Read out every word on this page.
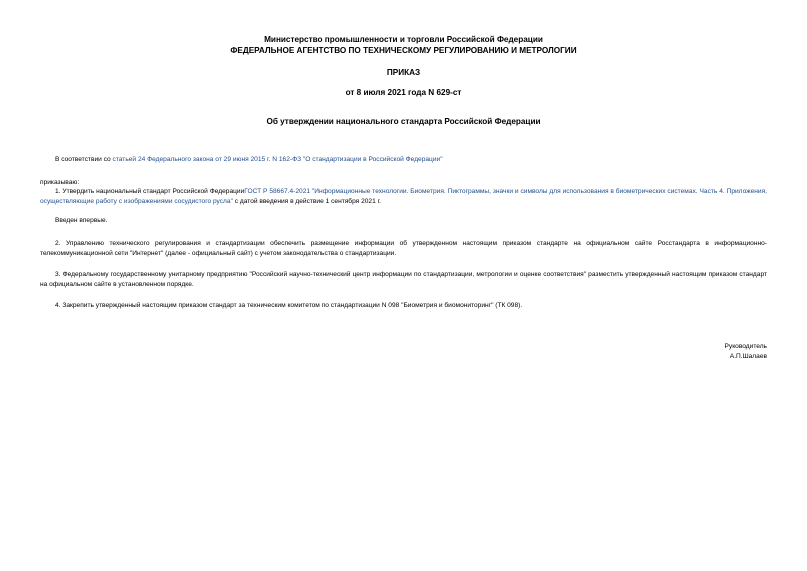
Министерство промышленности и торговли Российской Федерации
ФЕДЕРАЛЬНОЕ АГЕНТСТВО ПО ТЕХНИЧЕСКОМУ РЕГУЛИРОВАНИЮ И МЕТРОЛОГИИ
ПРИКАЗ
от 8 июля 2021 года N 629-ст
Об утверждении национального стандарта Российской Федерации
В соответствии со статьей 24 Федерального закона от 29 июня 2015 г. N 162-ФЗ "О стандартизации в Российской Федерации"
приказываю:
1. Утвердить национальный стандарт Российской ФедерацииГОСТ Р 58667.4-2021 "Информационные технологии. Биометрия. Пиктограммы, значки и символы для использования в биометрических системах. Часть 4. Приложения, осуществляющие работу с изображениями сосудистого русла" с датой введения в действие 1 сентября 2021 г.
Введен впервые.
2. Управлению технического регулирования и стандартизации обеспечить размещение информации об утвержденном настоящим приказом стандарте на официальном сайте Росстандарта в информационно-телекоммуникационной сети "Интернет" (далее - официальный сайт) с учетом законодательства о стандартизации.
3. Федеральному государственному унитарному предприятию "Российский научно-технический центр информации по стандартизации, метрологии и оценке соответствия" разместить утвержденный настоящим приказом стандарт на официальном сайте в установленном порядке.
4. Закрепить утвержденный настоящим приказом стандарт за техническим комитетом по стандартизации N 098 "Биометрия и биомониторинг" (ТК 098).
Руководитель
А.П.Шалаев
